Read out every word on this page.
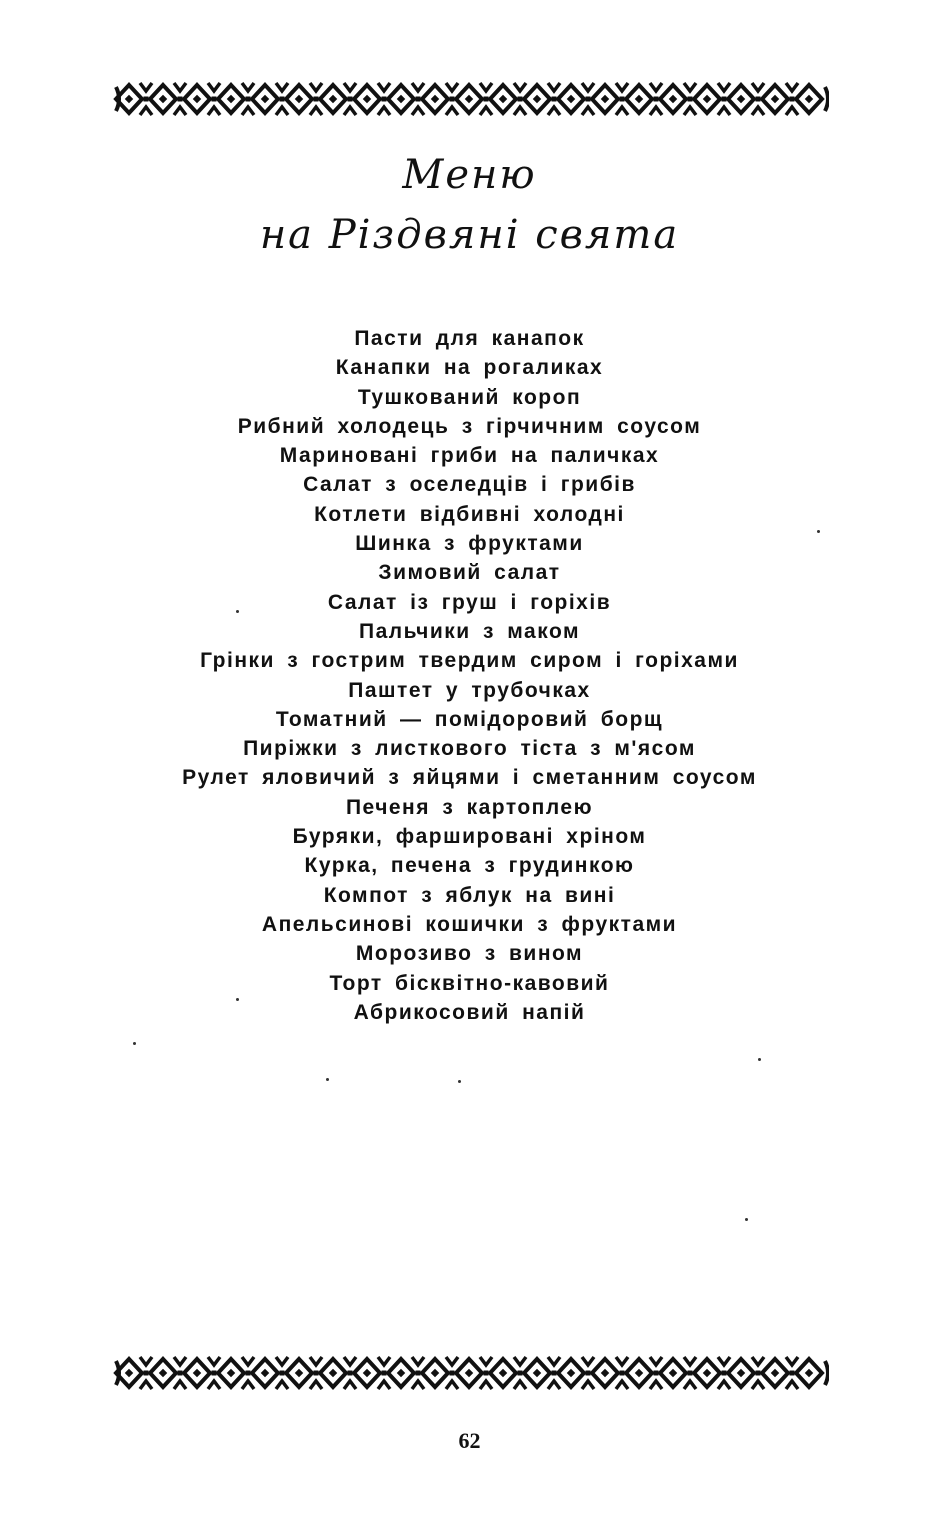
Меню
на Різдвяні свята
Пасти для канапок
Канапки на рогаликах
Тушкований короп
Рибний холодець з гірчичним соусом
Мариновані гриби на паличках
Салат з оселедців і грибів
Котлети відбивні холодні
Шинка з фруктами
Зимовий салат
Салат із груш і горіхів
Пальчики з маком
Грінки з гострим твердим сиром і горіхами
Паштет у трубочках
Томатний — помідоровий борщ
Пиріжки з листкового тіста з м'ясом
Рулет яловичий з яйцями і сметанним соусом
Печеня з картоплею
Буряки, фаршировані хріном
Курка, печена з грудинкою
Компот з яблук на вині
Апельсинові кошички з фруктами
Морозиво з вином
Торт бісквітно-кавовий
Абрикосовий напій
62
